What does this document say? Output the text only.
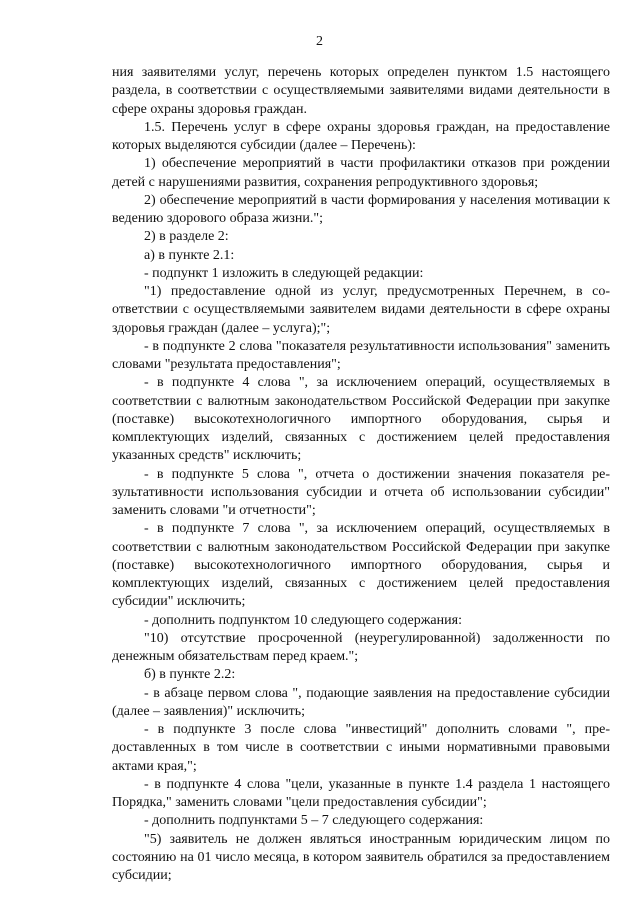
2

ния заявителями услуг, перечень которых определен пунктом 1.5 настоящего раздела, в соответствии с осуществляемыми заявителями видами деятельности в сфере охраны здоровья граждан.

1.5. Перечень услуг в сфере охраны здоровья граждан, на предоставление которых выделяются субсидии (далее – Перечень):

1) обеспечение мероприятий в части профилактики отказов при рождении детей с нарушениями развития, сохранения репродуктивного здоровья;

2) обеспечение мероприятий в части формирования у населения мотивации к ведению здорового образа жизни.";

2) в разделе 2:

а) в пункте 2.1:

- подпункт 1 изложить в следующей редакции:

"1) предоставление одной из услуг, предусмотренных Перечнем, в соответствии с осуществляемыми заявителем видами деятельности в сфере охраны здоровья граждан (далее – услуга);";

- в подпункте 2 слова "показателя результативности использования" заменить словами "результата предоставления";

- в подпункте 4 слова ", за исключением операций, осуществляемых в соответствии с валютным законодательством Российской Федерации при закупке (поставке) высокотехнологичного импортного оборудования, сырья и комплектующих изделий, связанных с достижением целей предоставления указанных средств" исключить;

- в подпункте 5 слова ", отчета о достижении значения показателя результативности использования субсидии и отчета об использовании субсидии" заменить словами "и отчетности";

- в подпункте 7 слова ", за исключением операций, осуществляемых в соответствии с валютным законодательством Российской Федерации при закупке (поставке) высокотехнологичного импортного оборудования, сырья и комплектующих изделий, связанных с достижением целей предоставления субсидии" исключить;

- дополнить подпунктом 10 следующего содержания:

"10) отсутствие просроченной (неурегулированной) задолженности по денежным обязательствам перед краем.";

б) в пункте 2.2:

- в абзаце первом слова ", подающие заявления на предоставление субсидии (далее – заявления)" исключить;

- в подпункте 3 после слова "инвестиций" дополнить словами ", предоставленных в том числе в соответствии с иными нормативными правовыми актами края,";

- в подпункте 4 слова "цели, указанные в пункте 1.4 раздела 1 настоящего Порядка," заменить словами "цели предоставления субсидии";

- дополнить подпунктами 5 – 7 следующего содержания:

"5) заявитель не должен являться иностранным юридическим лицом по состоянию на 01 число месяца, в котором заявитель обратился за предоставлением субсидии;
